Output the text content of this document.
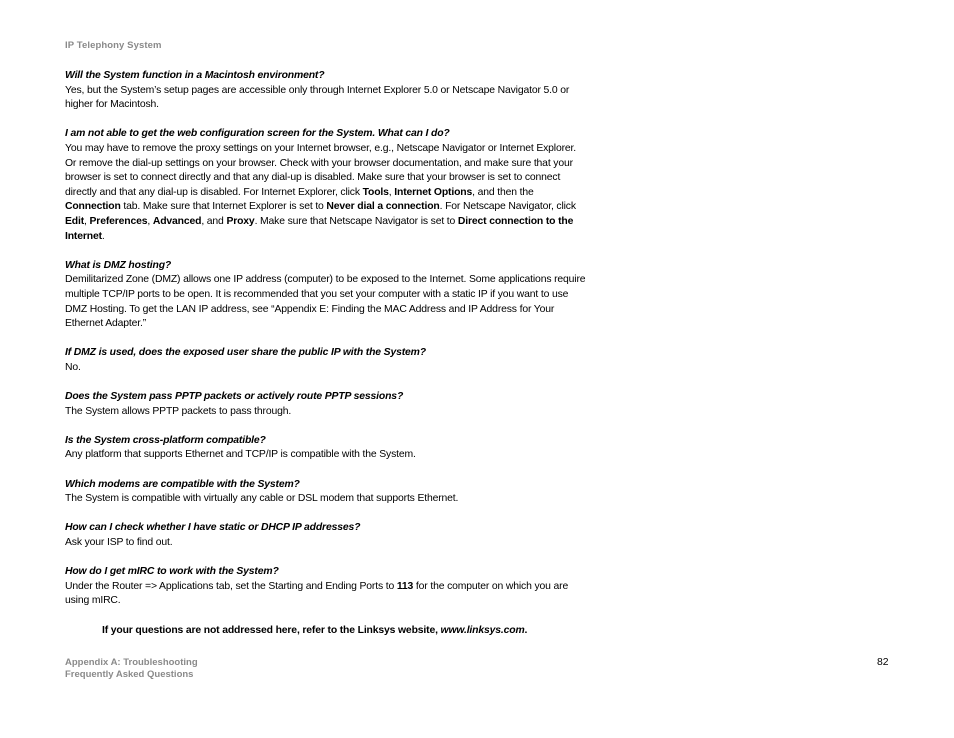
IP Telephony System
Will the System function in a Macintosh environment?
Yes, but the System’s setup pages are accessible only through Internet Explorer 5.0 or Netscape Navigator 5.0 or higher for Macintosh.
I am not able to get the web configuration screen for the System. What can I do?
You may have to remove the proxy settings on your Internet browser, e.g., Netscape Navigator or Internet Explorer. Or remove the dial-up settings on your browser. Check with your browser documentation, and make sure that your browser is set to connect directly and that any dial-up is disabled. Make sure that your browser is set to connect directly and that any dial-up is disabled. For Internet Explorer, click Tools, Internet Options, and then the Connection tab. Make sure that Internet Explorer is set to Never dial a connection. For Netscape Navigator, click Edit, Preferences, Advanced, and Proxy. Make sure that Netscape Navigator is set to Direct connection to the Internet.
What is DMZ hosting?
Demilitarized Zone (DMZ) allows one IP address (computer) to be exposed to the Internet. Some applications require multiple TCP/IP ports to be open. It is recommended that you set your computer with a static IP if you want to use DMZ Hosting. To get the LAN IP address, see “Appendix E: Finding the MAC Address and IP Address for Your Ethernet Adapter.”
If DMZ is used, does the exposed user share the public IP with the System?
No.
Does the System pass PPTP packets or actively route PPTP sessions?
The System allows PPTP packets to pass through.
Is the System cross-platform compatible?
Any platform that supports Ethernet and TCP/IP is compatible with the System.
Which modems are compatible with the System?
The System is compatible with virtually any cable or DSL modem that supports Ethernet.
How can I check whether I have static or DHCP IP addresses?
Ask your ISP to find out.
How do I get mIRC to work with the System?
Under the Router => Applications tab, set the Starting and Ending Ports to 113 for the computer on which you are using mIRC.
If your questions are not addressed here, refer to the Linksys website, www.linksys.com.
Appendix A: Troubleshooting
Frequently Asked Questions
82
